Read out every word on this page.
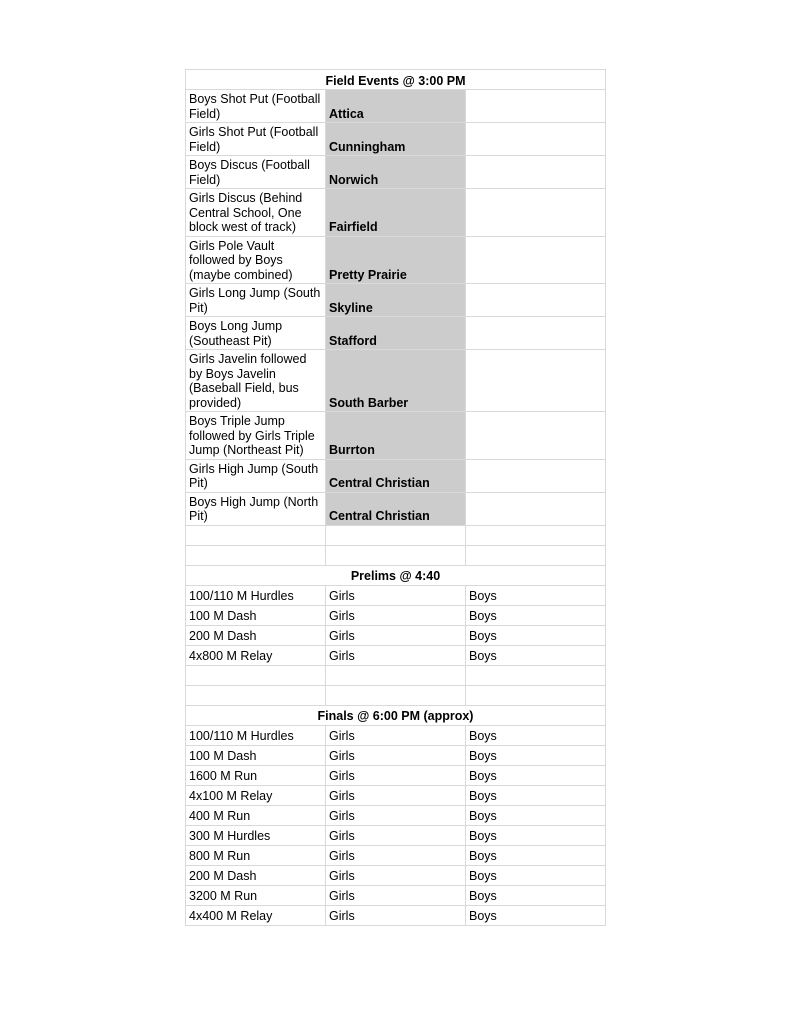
Field Events @ 3:00 PM		
Boys Shot Put (Football Field)	Attica	
Girls Shot Put (Football Field)	Cunningham	
Boys Discus (Football Field)	Norwich	
Girls Discus (Behind Central School, One block west of track)	Fairfield	
Girls Pole Vault followed by Boys (maybe combined)	Pretty Prairie	
Girls Long Jump (South Pit)	Skyline	
Boys Long Jump (Southeast Pit)	Stafford	
Girls Javelin followed by Boys Javelin (Baseball Field, bus provided)	South Barber	
Boys Triple Jump followed by Girls Triple Jump (Northeast Pit)	Burrton	
Girls High Jump (South Pit)	Central Christian	
Boys High Jump (North Pit)	Central Christian	

Prelims @ 4:40		
100/110 M Hurdles	Girls	Boys
100 M Dash	Girls	Boys
200 M Dash	Girls	Boys
4x800 M Relay	Girls	Boys

Finals @ 6:00 PM (approx)		
100/110 M Hurdles	Girls	Boys
100 M Dash	Girls	Boys
1600 M Run	Girls	Boys
4x100 M Relay	Girls	Boys
400 M Run	Girls	Boys
300 M Hurdles	Girls	Boys
800 M Run	Girls	Boys
200 M Dash	Girls	Boys
3200 M Run	Girls	Boys
4x400 M Relay	Girls	Boys
